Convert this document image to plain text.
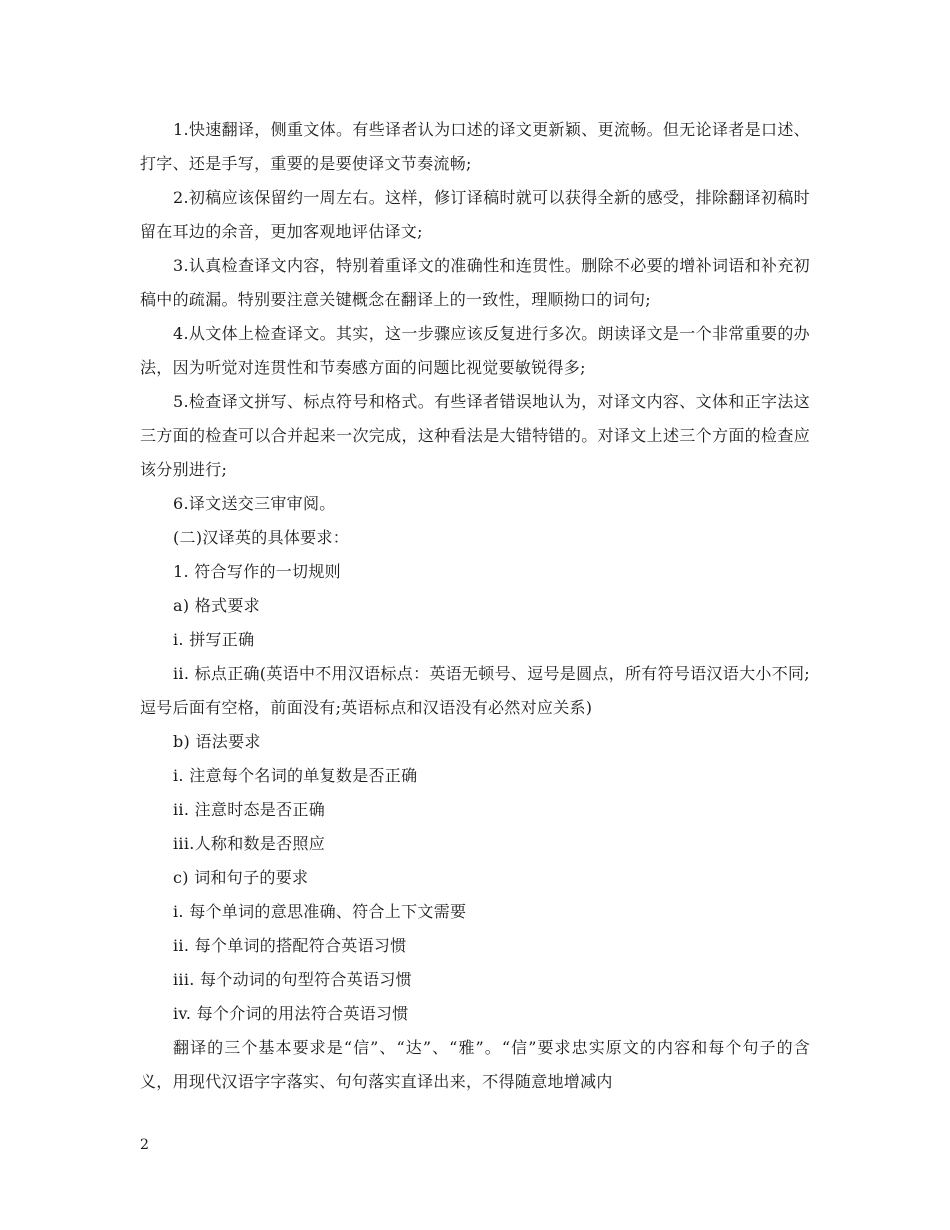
1.快速翻译，侧重文体。有些译者认为口述的译文更新颖、更流畅。但无论译者是口述、打字、还是手写，重要的是要使译文节奏流畅;

2.初稿应该保留约一周左右。这样，修订译稿时就可以获得全新的感受，排除翻译初稿时留在耳边的余音，更加客观地评估译文;

3.认真检查译文内容，特别着重译文的准确性和连贯性。删除不必要的增补词语和补充初稿中的疏漏。特别要注意关键概念在翻译上的一致性，理顺拗口的词句;

4.从文体上检查译文。其实，这一步骤应该反复进行多次。朗读译文是一个非常重要的办法，因为听觉对连贯性和节奏感方面的问题比视觉要敏锐得多;

5.检查译文拼写、标点符号和格式。有些译者错误地认为，对译文内容、文体和正字法这三方面的检查可以合并起来一次完成，这种看法是大错特错的。对译文上述三个方面的检查应该分别进行;

6.译文送交三审审阅。

(二)汉译英的具体要求：

1. 符合写作的一切规则

a) 格式要求

i. 拼写正确

ii. 标点正确(英语中不用汉语标点：英语无顿号、逗号是圆点，所有符号语汉语大小不同;逗号后面有空格，前面没有;英语标点和汉语没有必然对应关系)

b) 语法要求

i. 注意每个名词的单复数是否正确

ii. 注意时态是否正确

iii.人称和数是否照应

c) 词和句子的要求

i. 每个单词的意思准确、符合上下文需要

ii. 每个单词的搭配符合英语习惯

iii. 每个动词的句型符合英语习惯

iv. 每个介词的用法符合英语习惯

翻译的三个基本要求是“信”、“达”、“雅”。“信”要求忠实原文的内容和每个句子的含义，用现代汉语字字落实、句句落实直译出来，不得随意地增减内

2
